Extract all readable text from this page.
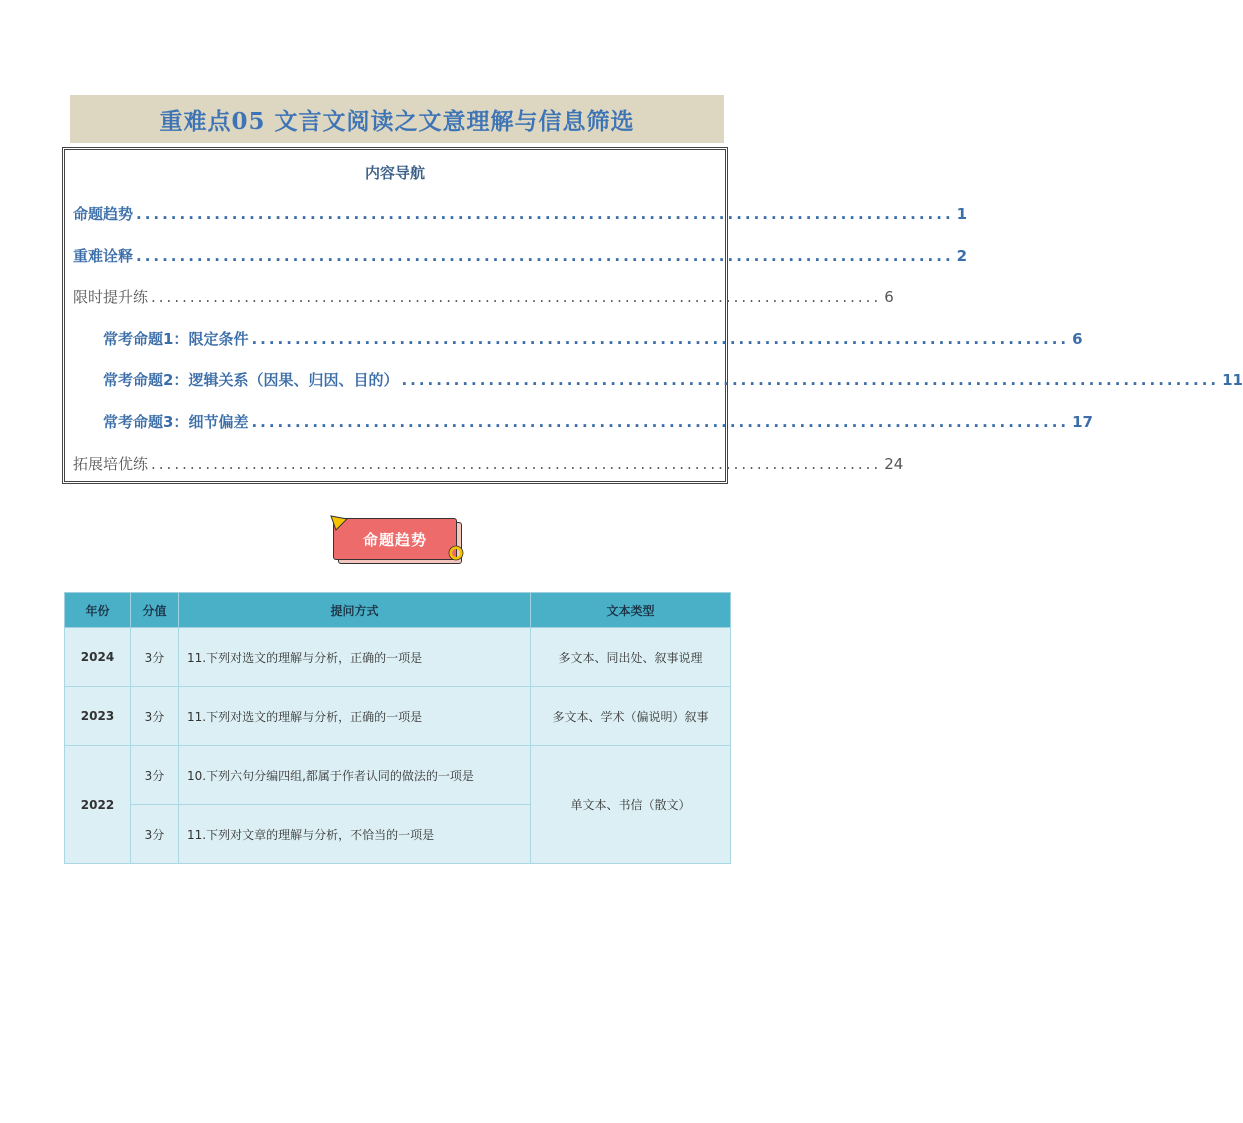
重难点05 文言文阅读之文意理解与信息筛选
内容导航
命题趋势 .............................................................................................. 1
重难诠释 .............................................................................................. 2
限时提升练 .............................................................................................. 6
常考命题1：限定条件 .............................................................................................. 6
常考命题2：逻辑关系（因果、归因、目的） .............................................................................................. 11
常考命题3：细节偏差 .............................................................................................. 17
拓展培优练 .............................................................................................. 24
命题趋势
年份	分值	提问方式	文本类型
2024	3分	11.下列对选文的理解与分析，正确的一项是	多文本、同出处、叙事说理
2023	3分	11.下列对选文的理解与分析，正确的一项是	多文本、学术（偏说明）叙事
2022	3分	10.下列六句分编四组,都属于作者认同的做法的一项是	单文本、书信（散文）
	3分	11.下列对文章的理解与分析，不恰当的一项是	
